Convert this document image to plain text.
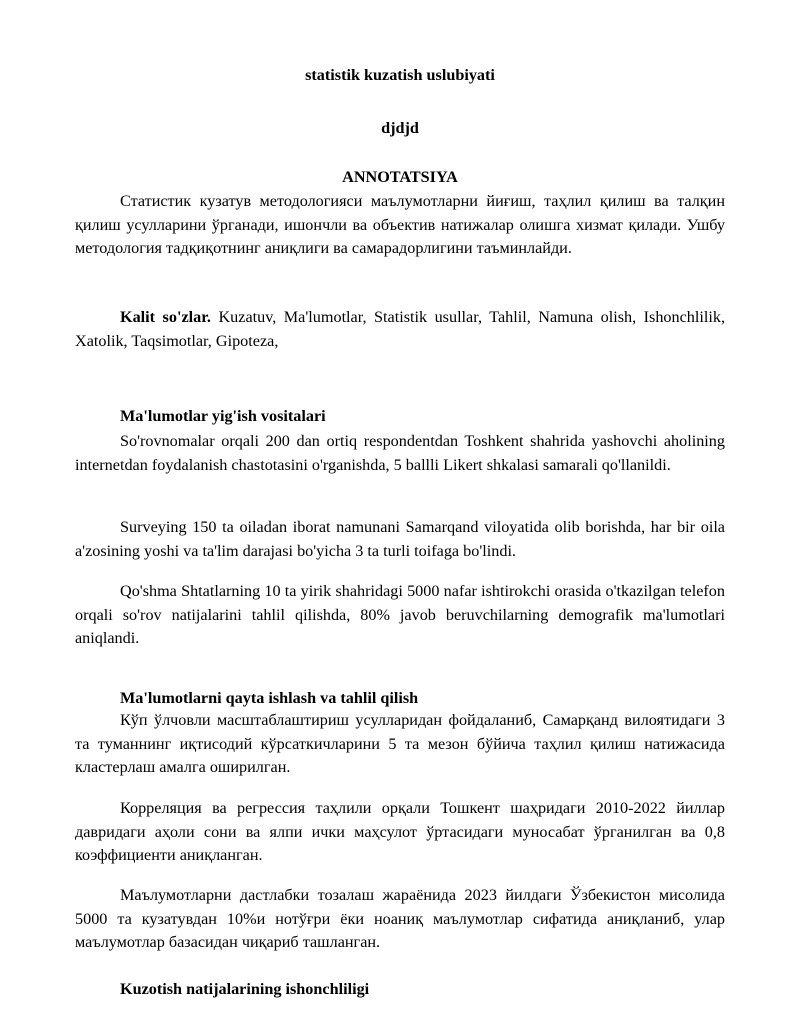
statistik kuzatish uslubiyati

djdjd

ANNOTATSIYA

Статистик кузатув методологияси маълумотларни йиғиш, таҳлил қилиш ва талқин қилиш усулларини ўрганади, ишончли ва объектив натижалар олишга хизмат қилади. Ушбу методология тадқиқотнинг аниқлиги ва самарадорлигини таъминлайди.

Kalit so'zlar. Kuzatuv, Ma'lumotlar, Statistik usullar, Tahlil, Namuna olish, Ishonchlilik, Xatolik, Taqsimotlar, Gipoteza,

Ma'lumotlar yig'ish vositalari

So'rovnomalar orqali 200 dan ortiq respondentdan Toshkent shahrida yashovchi aholining internetdan foydalanish chastotasini o'rganishda, 5 ballli Likert shkalasi samarali qo'llanildi.

Surveying 150 ta oiladan iborat namunani Samarqand viloyatida olib borishda, har bir oila a'zosining yoshi va ta'lim darajasi bo'yicha 3 ta turli toifaga bo'lindi.

Qo'shma Shtatlarning 10 ta yirik shahridagi 5000 nafar ishtirokchi orasida o'tkazilgan telefon orqali so'rov natijalarini tahlil qilishda, 80% javob beruvchilarning demografik ma'lumotlari aniqlandi.

Ma'lumotlarni qayta ishlash va tahlil qilish

Кўп ўлчовли масштаблаштириш усулларидан фойдаланиб, Самарқанд вилоятидаги 3 та туманнинг иқтисодий кўрсаткичларини 5 та мезон бўйича таҳлил қилиш натижасида кластерлаш амалга оширилган.

Корреляция ва регрессия таҳлили орқали Тошкент шаҳридаги 2010-2022 йиллар давридаги аҳоли сони ва ялпи ички маҳсулот ўртасидаги муносабат ўрганилган ва 0,8 коэффициенти аниқланган.

Маълумотларни дастлабки тозалаш жараёнида 2023 йилдаги Ўзбекистон мисолида 5000 та кузатувдан 10%и нотўғри ёки ноаниқ маълумотлар сифатида аниқланиб, улар маълумотлар базасидан чиқариб ташланган.

Kuzotish natijalarining ishonchliligi
